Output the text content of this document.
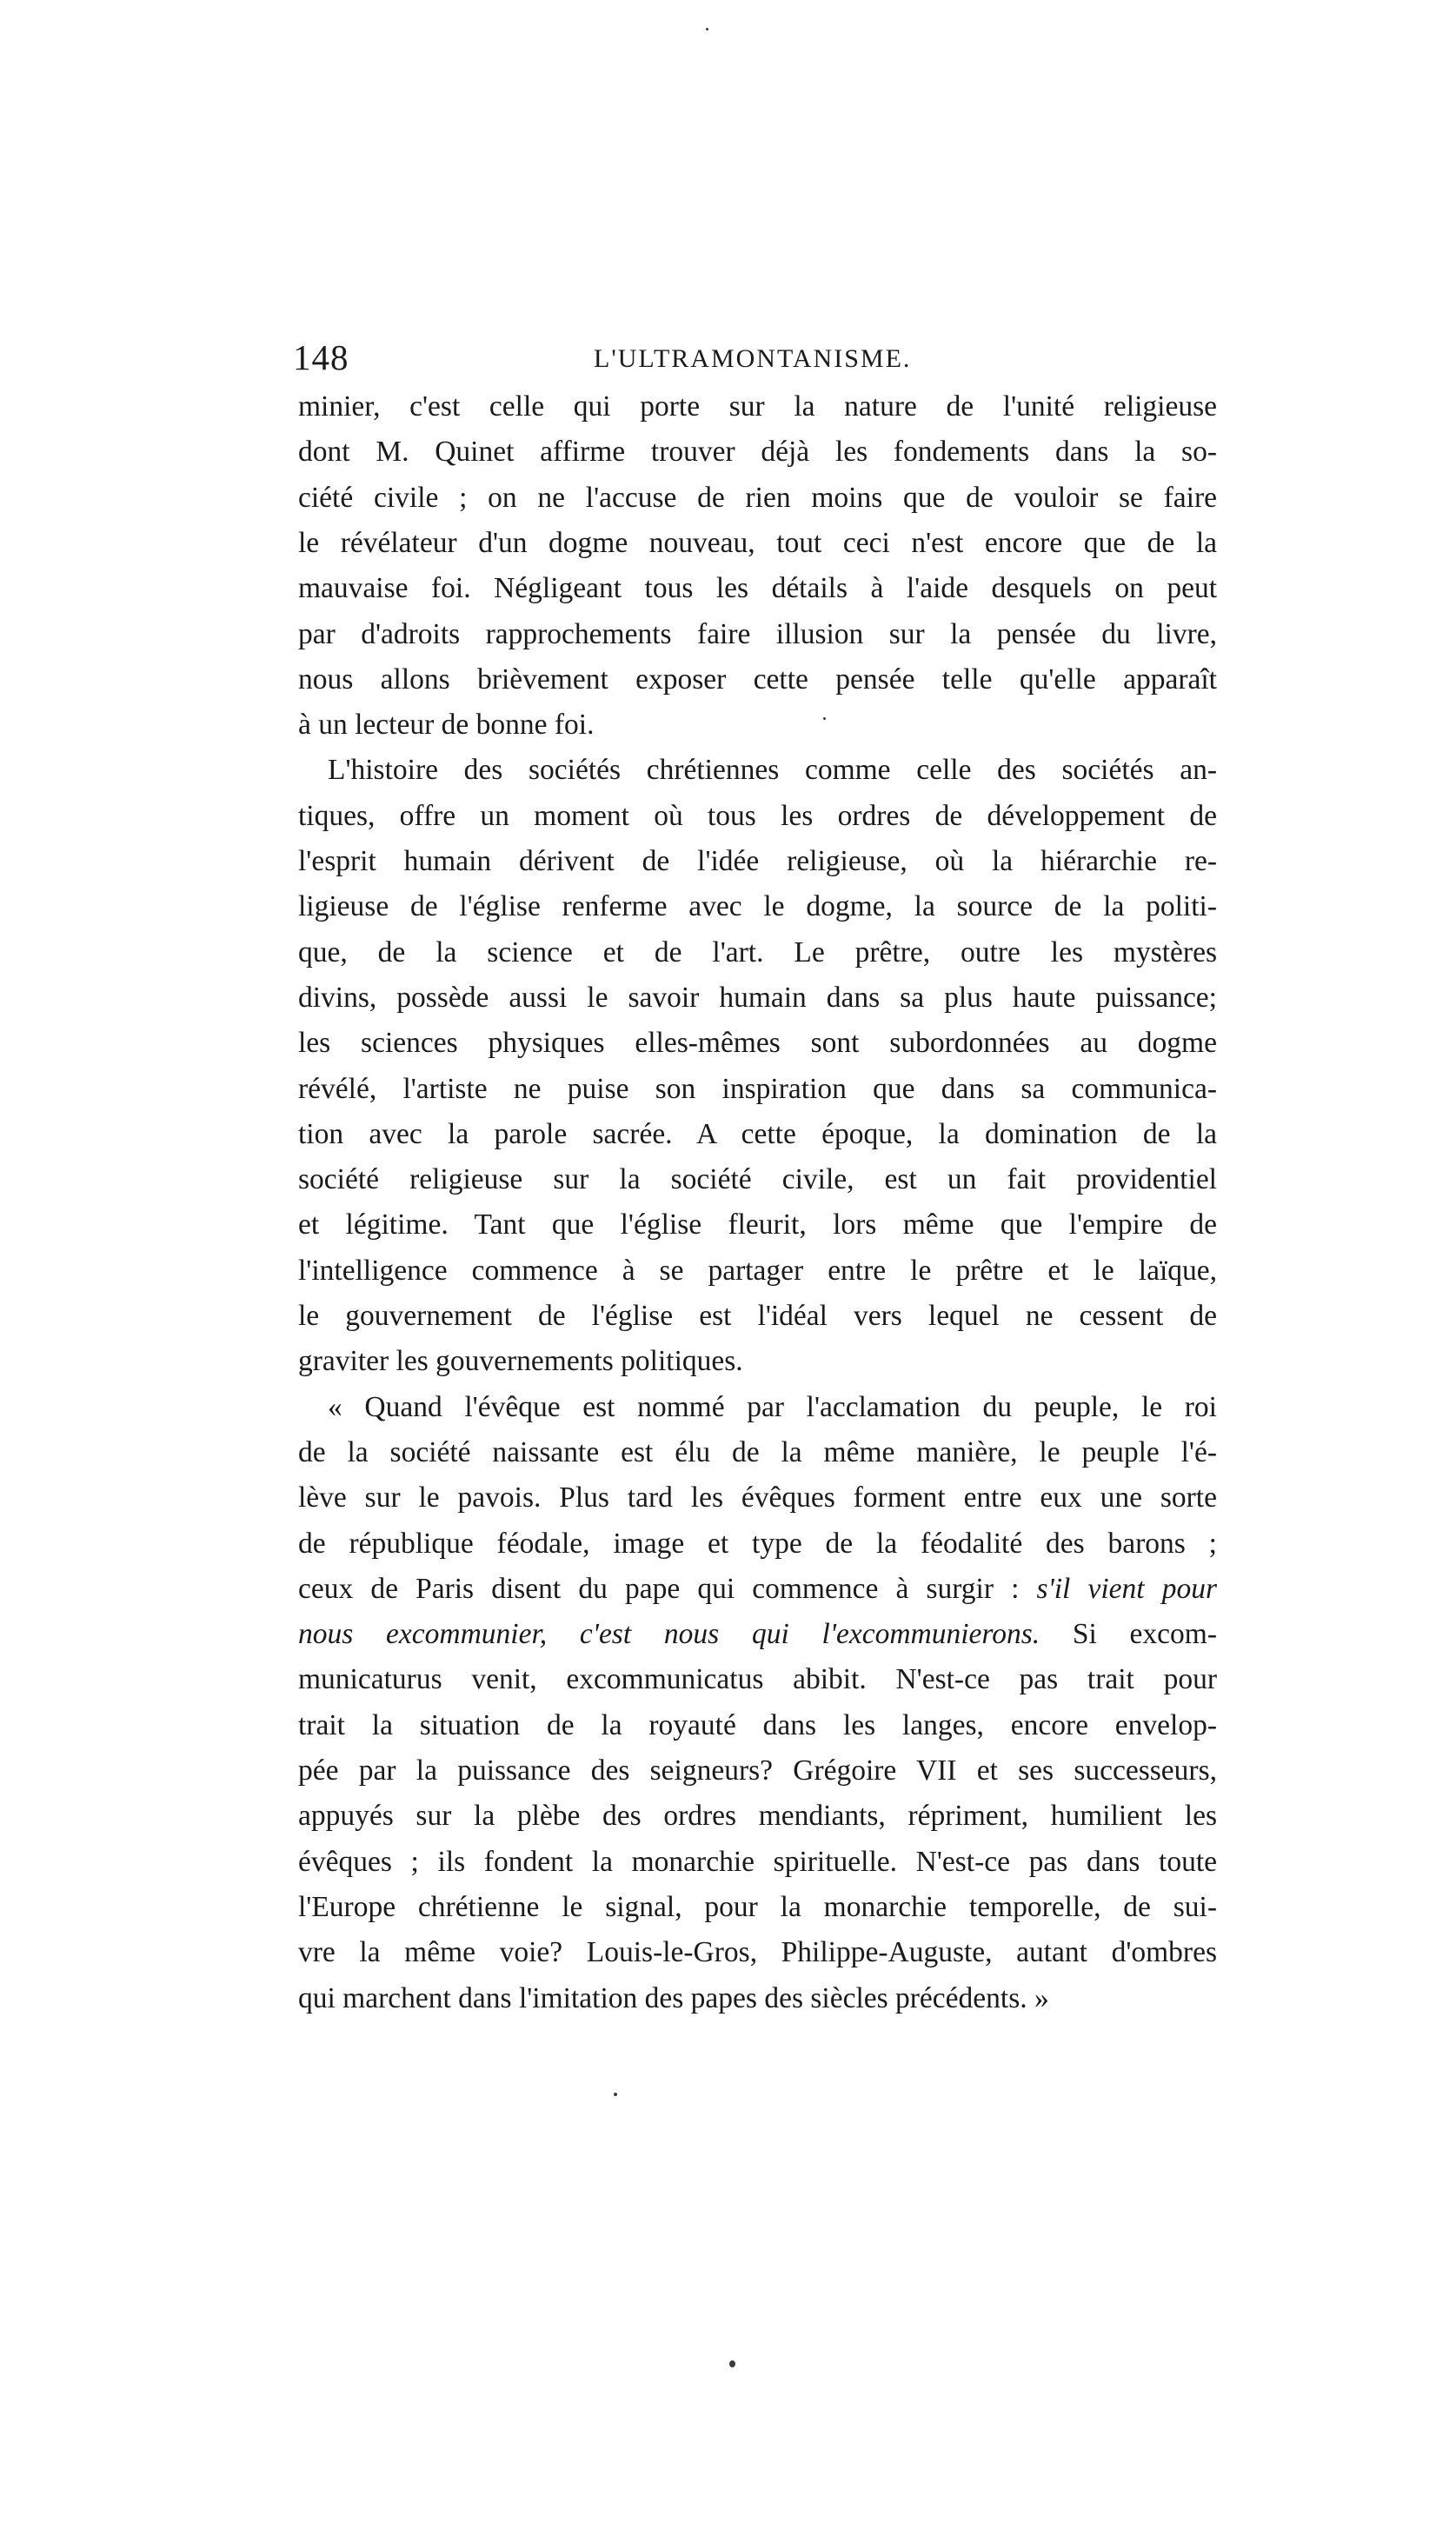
148	L'ULTRAMONTANISME.
minier, c'est celle qui porte sur la nature de l'unité religieuse
dont M. Quinet affirme trouver déjà les fondements dans la so-
ciété civile ; on ne l'accuse de rien moins que de vouloir se faire
le révélateur d'un dogme nouveau, tout ceci n'est encore que de la
mauvaise foi. Négligeant tous les détails à l'aide desquels on peut
par d'adroits rapprochements faire illusion sur la pensée du livre,
nous allons brièvement exposer cette pensée telle qu'elle apparaît
à un lecteur de bonne foi.
L'histoire des sociétés chrétiennes comme celle des sociétés an-
tiques, offre un moment où tous les ordres de développement de
l'esprit humain dérivent de l'idée religieuse, où la hiérarchie re-
ligieuse de l'église renferme avec le dogme, la source de la politi-
que, de la science et de l'art. Le prêtre, outre les mystères
divins, possède aussi le savoir humain dans sa plus haute puissance;
les sciences physiques elles-mêmes sont subordonnées au dogme
révélé, l'artiste ne puise son inspiration que dans sa communica-
tion avec la parole sacrée. A cette époque, la domination de la
société religieuse sur la société civile, est un fait providentiel
et légitime. Tant que l'église fleurit, lors même que l'empire de
l'intelligence commence à se partager entre le prêtre et le laïque,
le gouvernement de l'église est l'idéal vers lequel ne cessent de
graviter les gouvernements politiques.
« Quand l'évêque est nommé par l'acclamation du peuple, le roi
de la société naissante est élu de la même manière, le peuple l'é-
lève sur le pavois. Plus tard les évêques forment entre eux une sorte
de république féodale, image et type de la féodalité des barons ;
ceux de Paris disent du pape qui commence à surgir : s'il vient pour
nous excommunier, c'est nous qui l'excommunierons. Si excom-
municaturus venit, excommunicatus abibit. N'est-ce pas trait pour
trait la situation de la royauté dans les langes, encore envelop-
pée par la puissance des seigneurs? Grégoire VII et ses successeurs,
appuyés sur la plèbe des ordres mendiants, répriment, humilient les
évêques ; ils fondent la monarchie spirituelle. N'est-ce pas dans toute
l'Europe chrétienne le signal, pour la monarchie temporelle, de sui-
vre la même voie? Louis-le-Gros, Philippe-Auguste, autant d'ombres
qui marchent dans l'imitation des papes des siècles précédents. »
